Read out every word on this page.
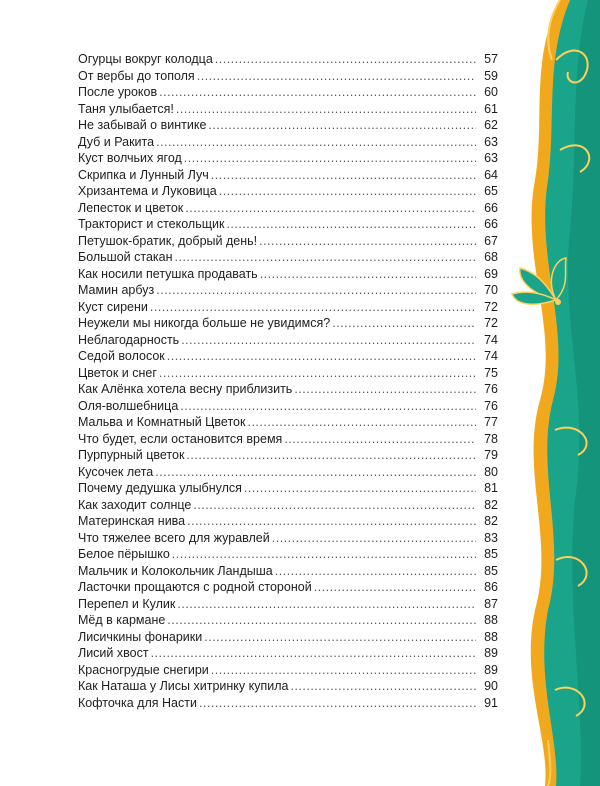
Огурцы вокруг колодца .....	57
От вербы до тополя .....	59
После уроков .....	60
Таня улыбается! .....	61
Не забывай о винтике .....	62
Дуб и Ракита .....	63
Куст волчьих ягод .....	63
Скрипка и Лунный Луч .....	64
Хризантема и Луковица .....	65
Лепесток и цветок .....	66
Тракторист и стекольщик .....	66
Петушок-братик, добрый день! .....	67
Большой стакан .....	68
Как носили петушка продавать .....	69
Мамин арбуз .....	70
Куст сирени .....	72
Неужели мы никогда больше не увидимся? .....	72
Неблагодарность .....	74
Седой волосок .....	74
Цветок и снег .....	75
Как Алёнка хотела весну приблизить .....	76
Оля-волшебница .....	76
Мальва и Комнатный Цветок .....	77
Что будет, если остановится время .....	78
Пурпурный цветок .....	79
Кусочек лета .....	80
Почему дедушка улыбнулся .....	81
Как заходит солнце .....	82
Материнская нива .....	82
Что тяжелее всего для журавлей .....	83
Белое пёрышко .....	85
Мальчик и Колокольчик Ландыша .....	85
Ласточки прощаются с родной стороной .....	86
Перепел и Кулик .....	87
Мёд в кармане .....	88
Лисичкины фонарики .....	88
Лисий хвост .....	89
Красногрудые снегири .....	89
Как Наташа у Лисы хитринку купила .....	90
Кофточка для Насти .....	91
